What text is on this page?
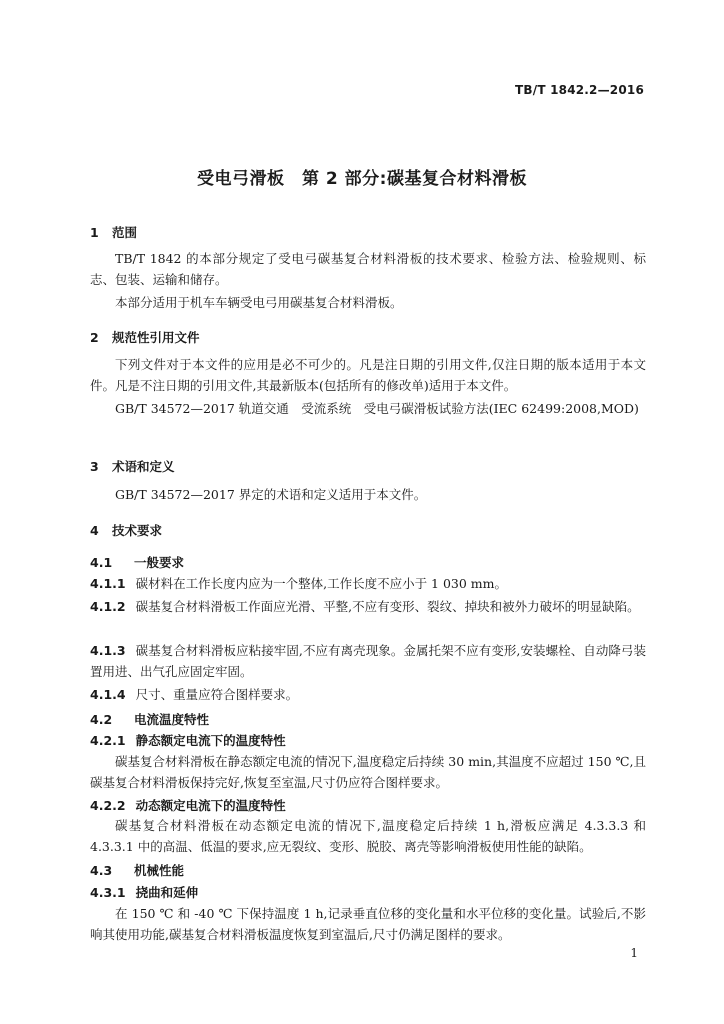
TB/T 1842.2—2016
受电弓滑板　第 2 部分:碳基复合材料滑板
1 范围
TB/T 1842 的本部分规定了受电弓碳基复合材料滑板的技术要求、检验方法、检验规则、标志、包装、运输和储存。
本部分适用于机车车辆受电弓用碳基复合材料滑板。
2 规范性引用文件
下列文件对于本文件的应用是必不可少的。凡是注日期的引用文件,仅注日期的版本适用于本文件。凡是不注日期的引用文件,其最新版本(包括所有的修改单)适用于本文件。
GB/T 34572—2017 轨道交通　受流系统　受电弓碳滑板试验方法(IEC 62499:2008,MOD)
3 术语和定义
GB/T 34572—2017 界定的术语和定义适用于本文件。
4 技术要求
4.1 一般要求
4.1.1 碳材料在工作长度内应为一个整体,工作长度不应小于 1 030 mm。
4.1.2 碳基复合材料滑板工作面应光滑、平整,不应有变形、裂纹、掉块和被外力破坏的明显缺陷。
4.1.3 碳基复合材料滑板应粘接牢固,不应有离壳现象。金属托架不应有变形,安装螺栓、自动降弓装置用进、出气孔应固定牢固。
4.1.4 尺寸、重量应符合图样要求。
4.2 电流温度特性
4.2.1 静态额定电流下的温度特性
碳基复合材料滑板在静态额定电流的情况下,温度稳定后持续 30 min,其温度不应超过 150 ℃,且碳基复合材料滑板保持完好,恢复至室温,尺寸仍应符合图样要求。
4.2.2 动态额定电流下的温度特性
碳基复合材料滑板在动态额定电流的情况下,温度稳定后持续 1 h,滑板应满足 4.3.3.3 和 4.3.3.1 中的高温、低温的要求,应无裂纹、变形、脱胶、离壳等影响滑板使用性能的缺陷。
4.3 机械性能
4.3.1 挠曲和延伸
在 150 ℃ 和 -40 ℃ 下保持温度 1 h,记录垂直位移的变化量和水平位移的变化量。试验后,不影响其使用功能,碳基复合材料滑板温度恢复到室温后,尺寸仍满足图样的要求。
1
